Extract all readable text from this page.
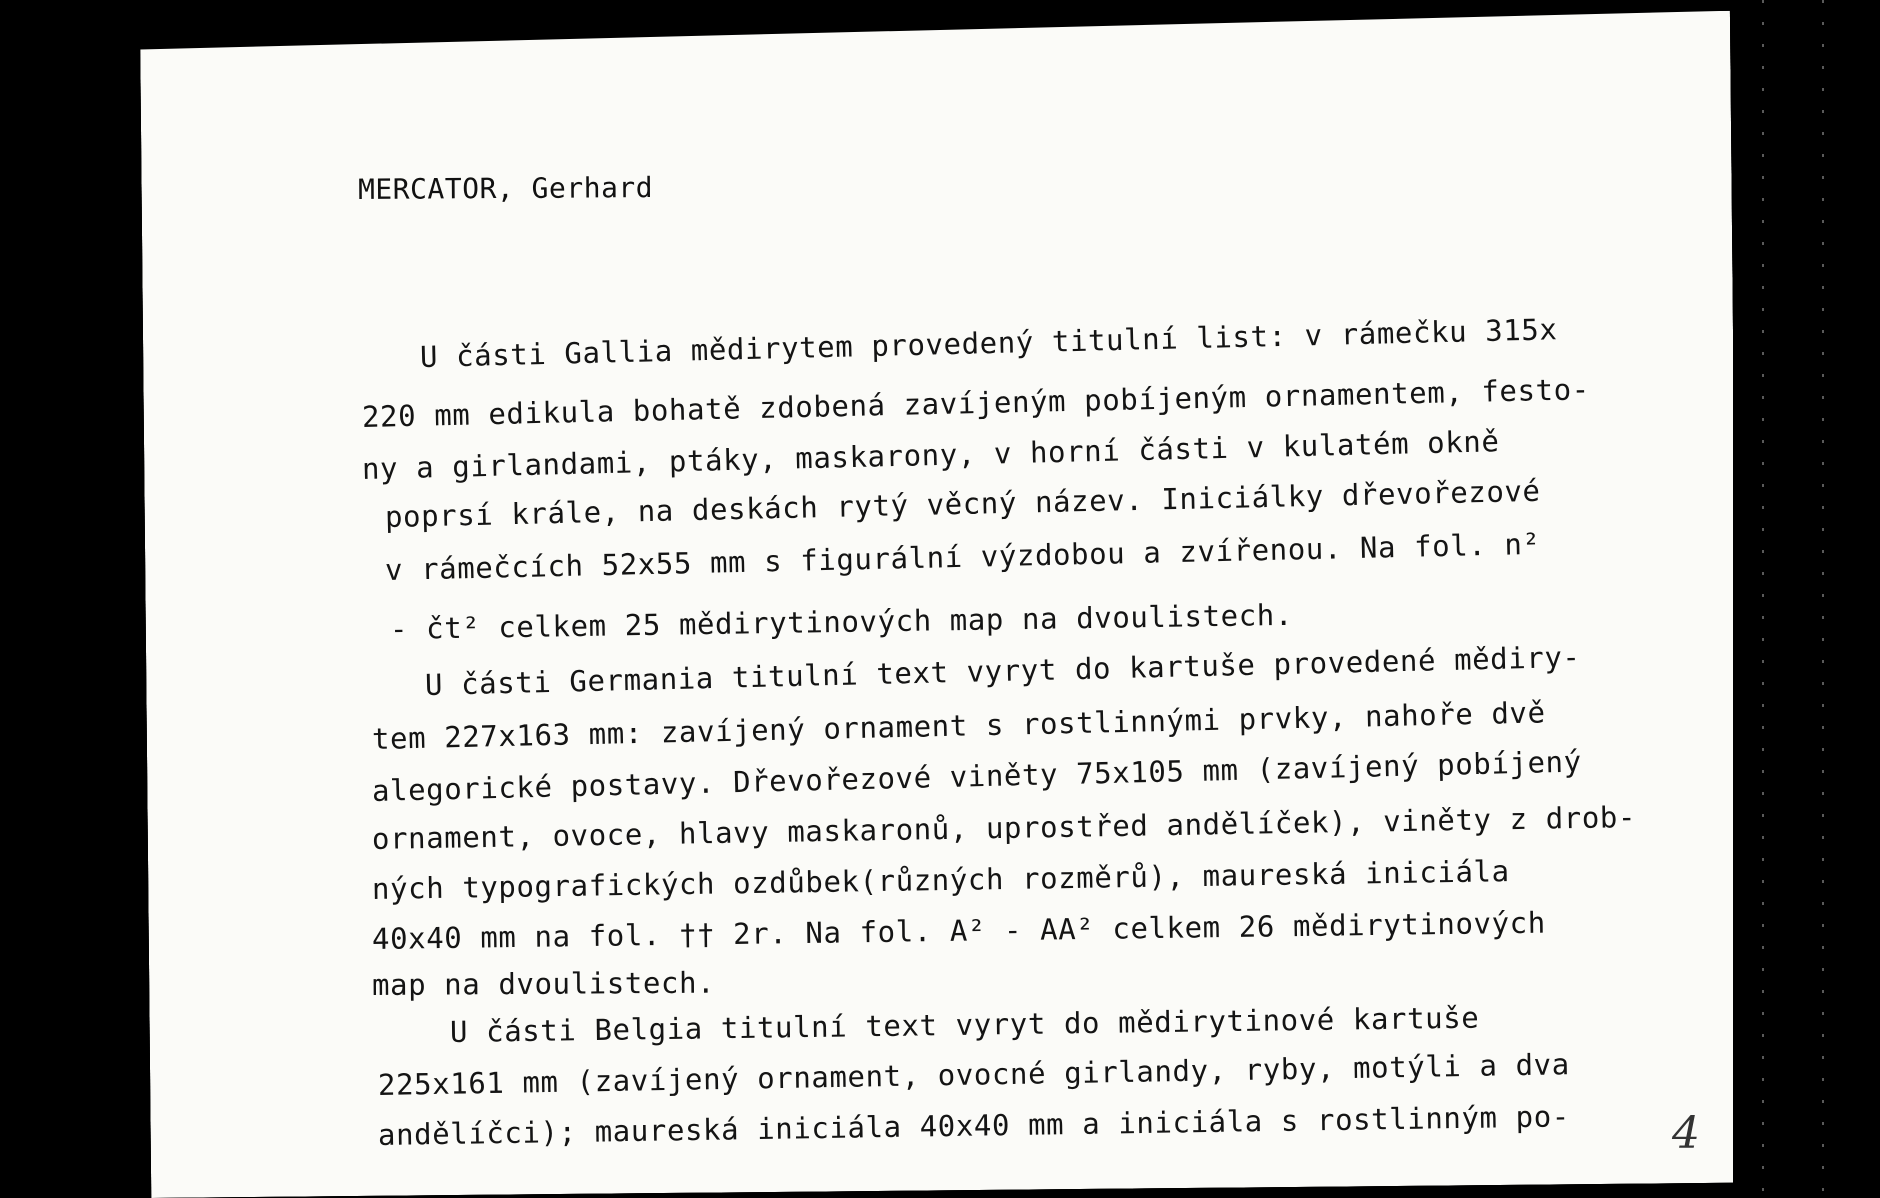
MERCATOR, Gerhard
U části Gallia mědirytem provedený titulní list: v rámečku 315x
220 mm edikula bohatě zdobená zavíjeným pobíjeným ornamentem, festo-
ny a girlandami, ptáky, maskarony, v horní části v kulatém okně
poprsí krále, na deskách rytý věcný název. Iniciálky dřevořezové
v rámečcích 52x55 mm s figurální výzdobou a zvířenou. Na fol. n²
- čt² celkem 25 mědirytinových map na dvoulistech.
U části Germania titulní text vyryt do kartuše provedené mědiry-
tem 227x163 mm: zavíjený ornament s rostlinnými prvky, nahoře dvě
alegorické postavy. Dřevořezové viněty 75x105 mm (zavíjený pobíjený
ornament, ovoce, hlavy maskaronů, uprostřed andělíček), viněty z drob-
ných typografických ozdůbek(různých rozměrů), maureská iniciála
40x40 mm na fol. †† 2r. Na fol. A² - AA² celkem 26 mědirytinových
map na dvoulistech.
U části Belgia titulní text vyryt do mědirytinové kartuše
225x161 mm (zavíjený ornament, ovocné girlandy, ryby, motýli a dva
andělíčci); maureská iniciála 40x40 mm a iniciála s rostlinným po- 4
